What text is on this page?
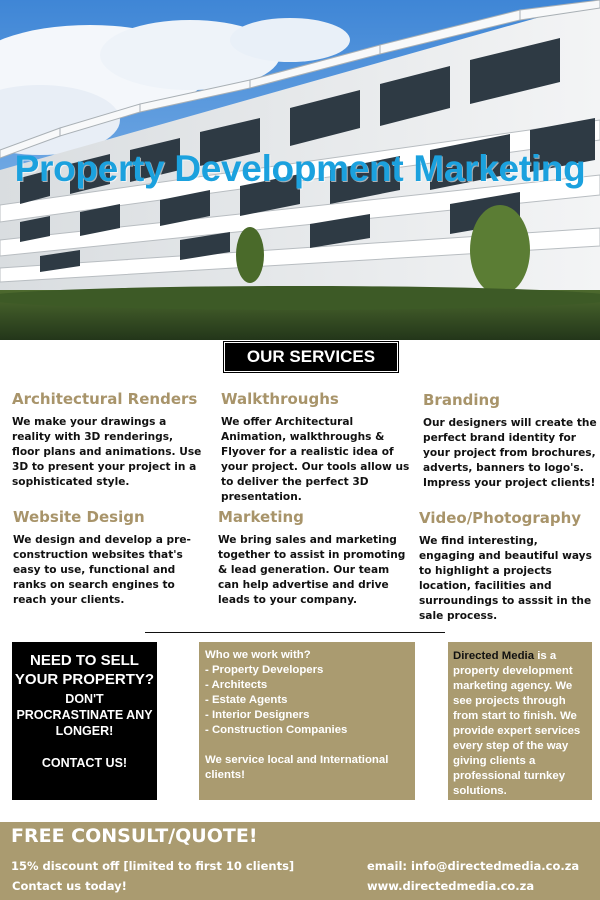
Property Development Marketing
OUR SERVICES
Architectural Renders
We make your drawings a reality with 3D renderings, floor plans and animations. Use 3D to present your project in a sophisticated style.
Walkthroughs
We offer Architectural Animation, walkthroughs & Flyover for a realistic idea of your project. Our tools allow us to deliver the perfect 3D presentation.
Branding
Our designers will create the perfect brand identity for your project from brochures, adverts, banners to logo's. Impress your project clients!
Website Design
We design and develop a pre-construction websites that's easy to use, functional and ranks on search engines to reach your clients.
Marketing
We bring sales and marketing together to assist in promoting & lead generation. Our team can help advertise and drive leads to your company.
Video/Photography
We find interesting, engaging and beautiful ways to highlight a projects location, facilities and surroundings to asssit in the sale process.
NEED TO SELL YOUR PROPERTY?
DON'T PROCRASTINATE ANY LONGER!
CONTACT US!
Who we work with?
- Property Developers
- Architects
- Estate Agents
- Interior Designers
- Construction Companies
We service local and International clients!
Directed Media is a property development marketing agency. We see projects through from start to finish. We provide expert services every step of the way giving clients a professional turnkey solutions.
FREE CONSULT/QUOTE!
15% discount off [limited to first 10 clients]
Contact us today!
email: info@directedmedia.co.za
www.directedmedia.co.za
